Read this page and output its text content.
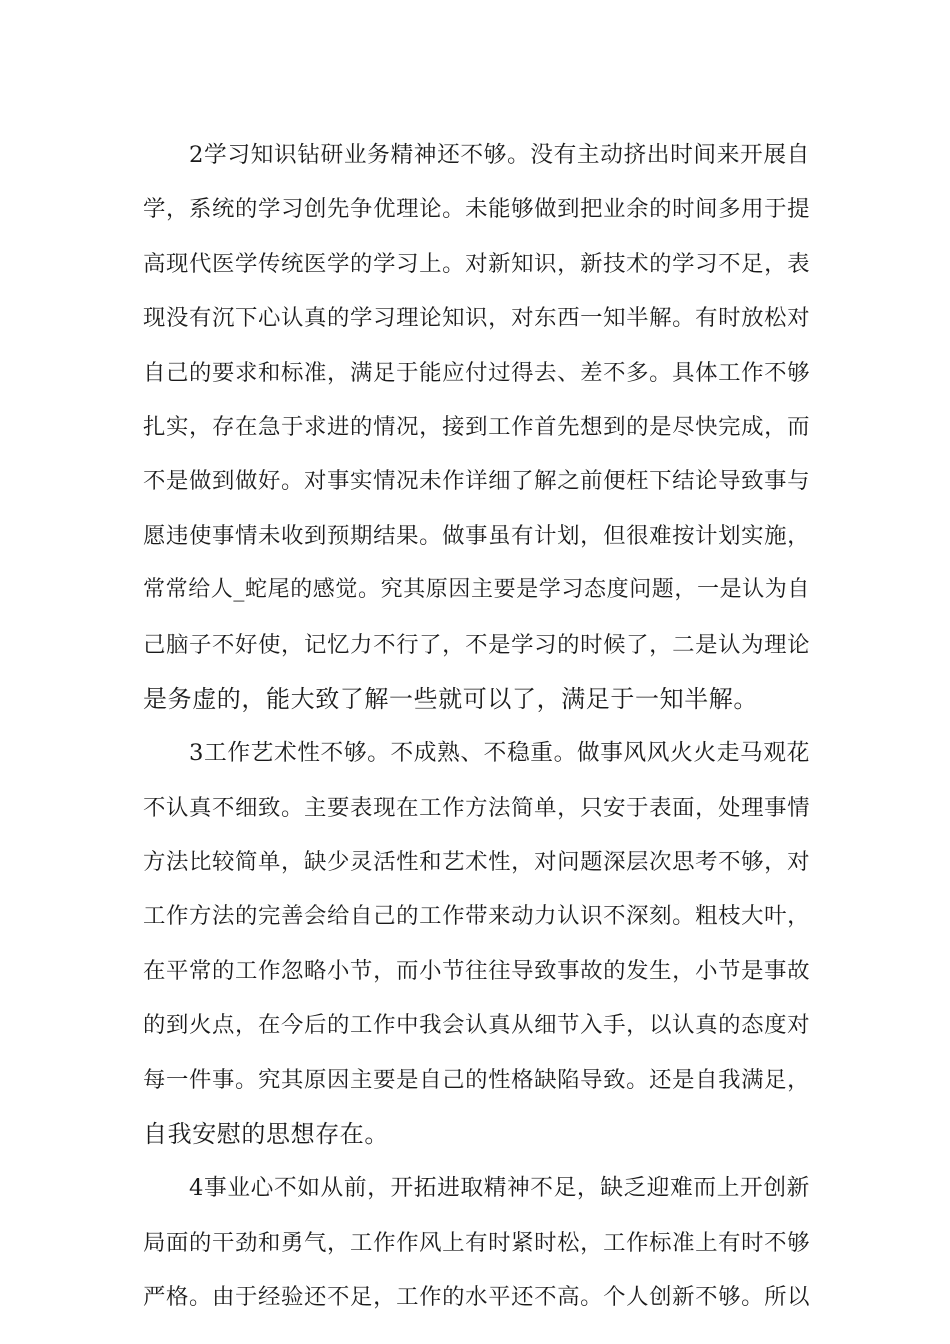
2学习知识钻研业务精神还不够。没有主动挤出时间来开展自
学，系统的学习创先争优理论。未能够做到把业余的时间多用于提
高现代医学传统医学的学习上。对新知识，新技术的学习不足，表
现没有沉下心认真的学习理论知识，对东西一知半解。有时放松对
自己的要求和标准，满足于能应付过得去、差不多。具体工作不够
扎实，存在急于求进的情况，接到工作首先想到的是尽快完成，而
不是做到做好。对事实情况未作详细了解之前便枉下结论导致事与
愿违使事情未收到预期结果。做事虽有计划，但很难按计划实施，
常常给人_蛇尾的感觉。究其原因主要是学习态度问题，一是认为自
己脑子不好使，记忆力不行了，不是学习的时候了，二是认为理论
是务虚的，能大致了解一些就可以了，满足于一知半解。
3工作艺术性不够。不成熟、不稳重。做事风风火火走马观花
不认真不细致。主要表现在工作方法简单，只安于表面，处理事情
方法比较简单，缺少灵活性和艺术性，对问题深层次思考不够，对
工作方法的完善会给自己的工作带来动力认识不深刻。粗枝大叶，
在平常的工作忽略小节，而小节往往导致事故的发生，小节是事故
的到火点，在今后的工作中我会认真从细节入手，以认真的态度对
每一件事。究其原因主要是自己的性格缺陷导致。还是自我满足，
自我安慰的思想存在。
4事业心不如从前，开拓进取精神不足，缺乏迎难而上开创新
局面的干劲和勇气，工作作风上有时紧时松，工作标准上有时不够
严格。由于经验还不足，工作的水平还不高。个人创新不够。所以
